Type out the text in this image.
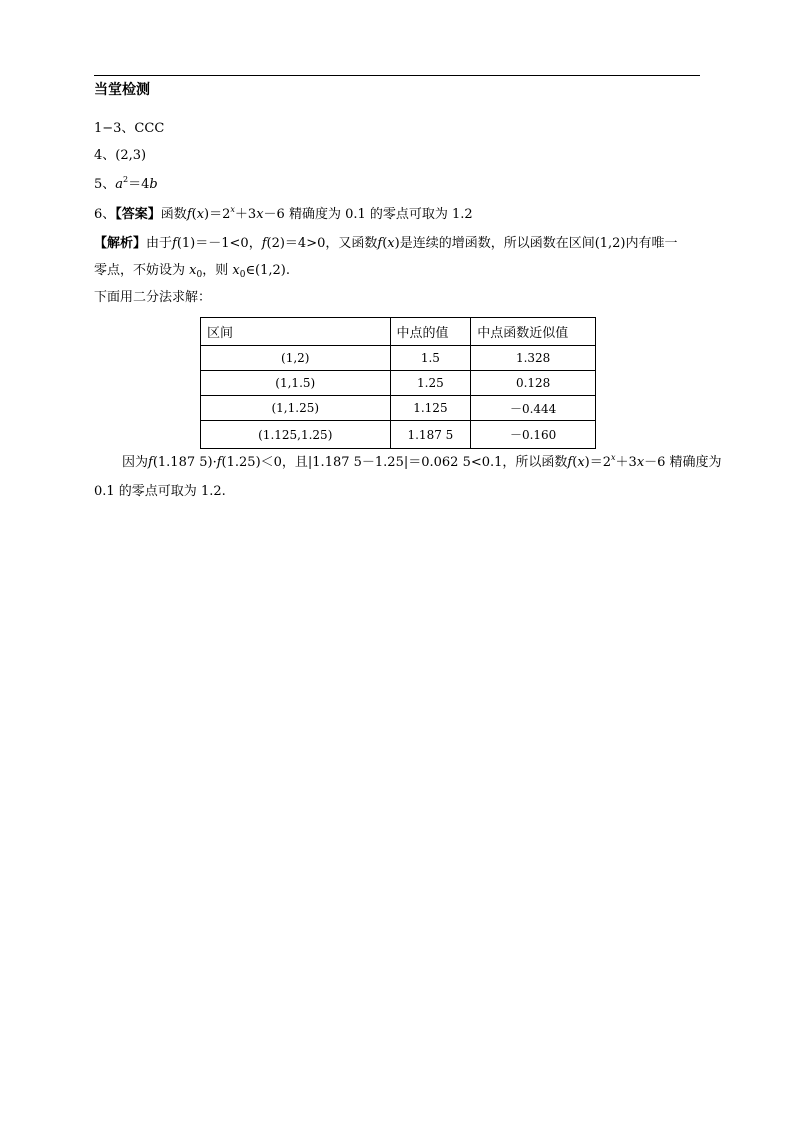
当堂检测
1−3、CCC
4、(2,3)
5、$a^2=4b$
6、【答案】函数$f(x)=2^x+3x-6$ 精确度为 0.1 的零点可取为 1.2
【解析】由于f(1)＝－1<0，f(2)＝4>0，又函数f(x)是连续的增函数，所以函数在区间(1,2)内有唯一
零点，不妨设为 $x_0$，则 $x_0\in(1,2)$.
下面用二分法求解：
区间	中点的值	中点函数近似值
(1,2)	1.5	1.328
(1,1.5)	1.25	0.128
(1,1.25)	1.125	－0.444
(1.125,1.25)	1.187 5	－0.160
因为f(1.187 5)·f(1.25)＜0，且|1.187 5－1.25|＝0.062 5<0.1，所以函数$f(x)=2^x+3x-6$ 精确度为
0.1 的零点可取为 1.2.
